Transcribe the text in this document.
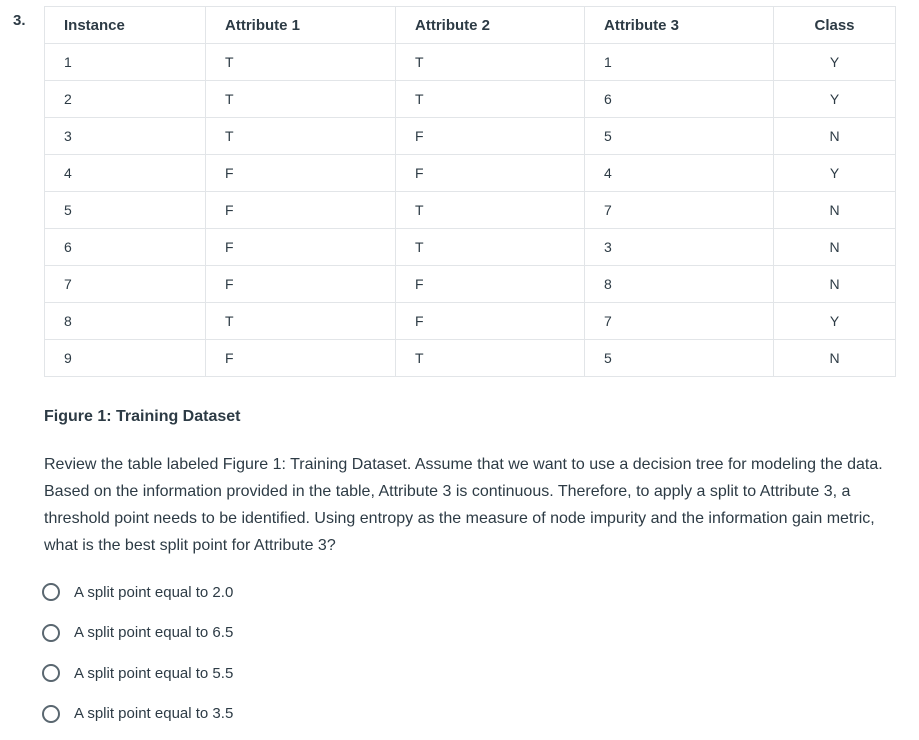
3.	Instance	Attribute 1	Attribute 2	Attribute 3	Class
1	T	T	1	Y
2	T	T	6	Y
3	T	F	5	N
4	F	F	4	Y
5	F	T	7	N
6	F	T	3	N
7	F	F	8	N
8	T	F	7	Y
9	F	T	5	N
Figure 1: Training Dataset
Review the table labeled Figure 1: Training Dataset. Assume that we want to use a decision tree for modeling the data. Based on the information provided in the table, Attribute 3 is continuous. Therefore, to apply a split to Attribute 3, a threshold point needs to be identified. Using entropy as the measure of node impurity and the information gain metric, what is the best split point for Attribute 3?
A split point equal to 2.0
A split point equal to 6.5
A split point equal to 5.5
A split point equal to 3.5
